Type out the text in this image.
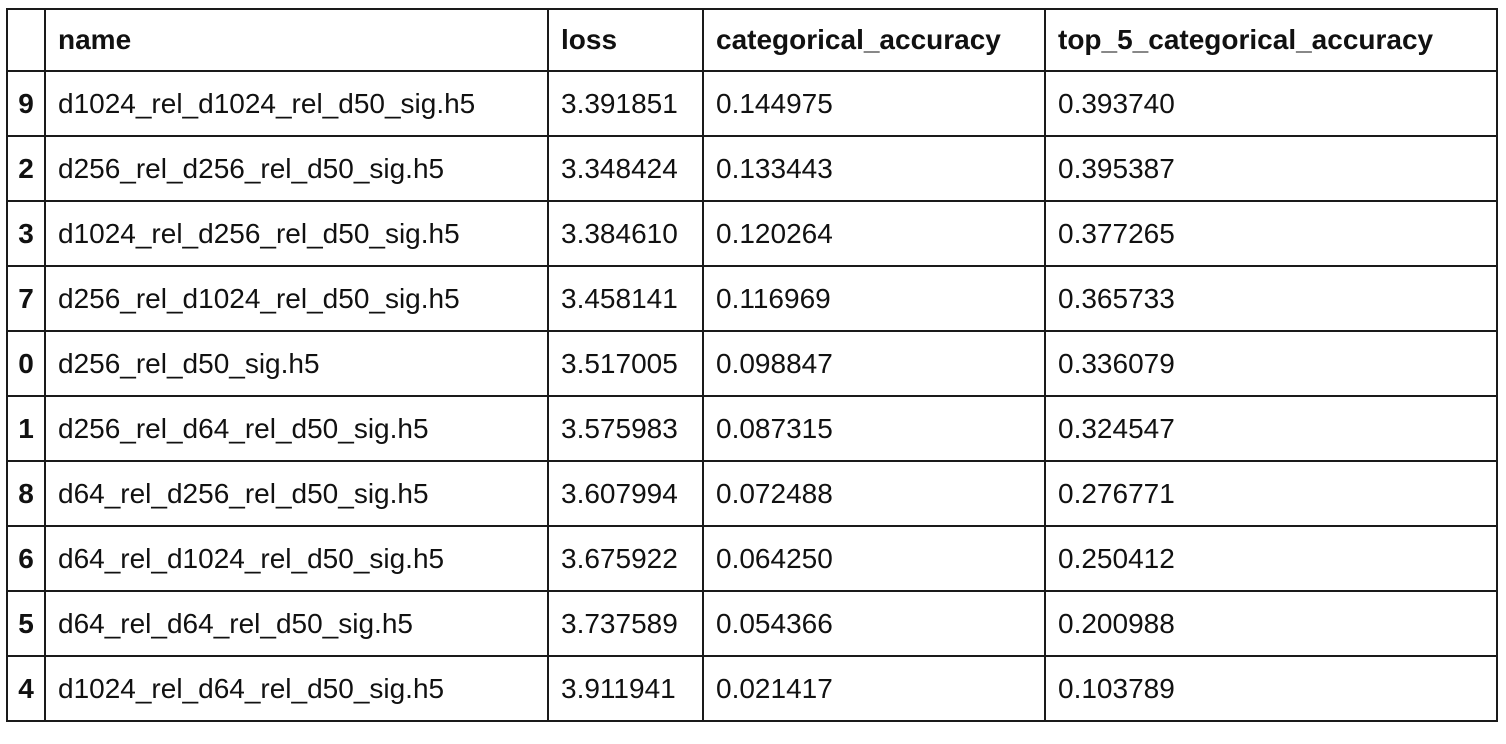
	name	loss	categorical_accuracy	top_5_categorical_accuracy
9	d1024_rel_d1024_rel_d50_sig.h5	3.391851	0.144975	0.393740
2	d256_rel_d256_rel_d50_sig.h5	3.348424	0.133443	0.395387
3	d1024_rel_d256_rel_d50_sig.h5	3.384610	0.120264	0.377265
7	d256_rel_d1024_rel_d50_sig.h5	3.458141	0.116969	0.365733
0	d256_rel_d50_sig.h5	3.517005	0.098847	0.336079
1	d256_rel_d64_rel_d50_sig.h5	3.575983	0.087315	0.324547
8	d64_rel_d256_rel_d50_sig.h5	3.607994	0.072488	0.276771
6	d64_rel_d1024_rel_d50_sig.h5	3.675922	0.064250	0.250412
5	d64_rel_d64_rel_d50_sig.h5	3.737589	0.054366	0.200988
4	d1024_rel_d64_rel_d50_sig.h5	3.911941	0.021417	0.103789
